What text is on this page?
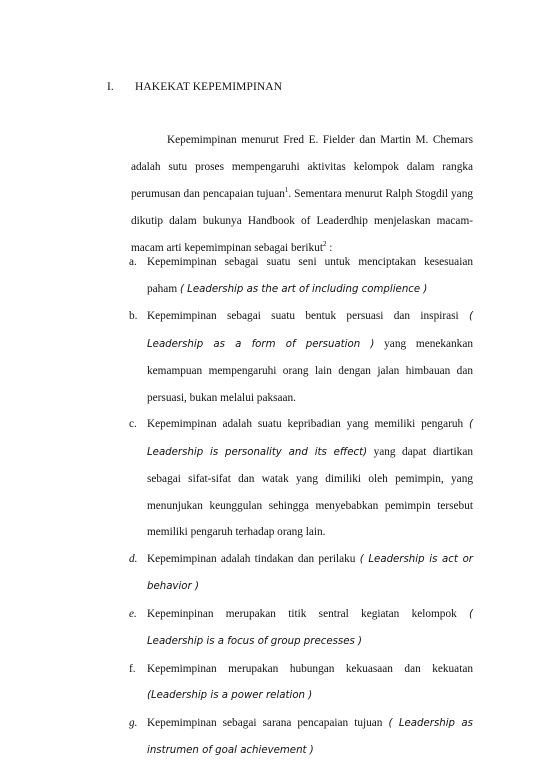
I. HAKEKAT KEPEMIMPINAN

Kepemimpinan menurut Fred E. Fielder dan Martin M. Chemars adalah sutu proses mempengaruhi aktivitas kelompok dalam rangka perumusan dan pencapaian tujuan$^1$. Sementara menurut Ralph Stogdil yang dikutip dalam bukunya Handbook of Leaderdhip menjelaskan macam-macam arti kepemimpinan sebagai berikut$^2$ :

a. Kepemimpinan sebagai suatu seni untuk menciptakan kesesuaian paham ( Leadership as the art of including complience )
b. Kepemimpinan sebagai suatu bentuk persuasi dan inspirasi ( Leadership as a form of persuation ) yang menekankan kemampuan mempengaruhi orang lain dengan jalan himbauan dan persuasi, bukan melalui paksaan.
c. Kepemimpinan adalah suatu kepribadian yang memiliki pengaruh ( Leadership is personality and its effect) yang dapat diartikan sebagai sifat-sifat dan watak yang dimiliki oleh pemimpin, yang menunjukan keunggulan sehingga menyebabkan pemimpin tersebut memiliki pengaruh terhadap orang lain.
d. Kepemimpinan adalah tindakan dan perilaku ( Leadership is act or behavior )
e. Kepeminpinan merupakan titik sentral kegiatan kelompok ( Leadership is a focus of group precesses )
f. Kepemimpinan merupakan hubungan kekuasaan dan kekuatan (Leadership is a power relation )
g. Kepemimpinan sebagai sarana pencapaian tujuan ( Leadership as instrumen of goal achievement )
